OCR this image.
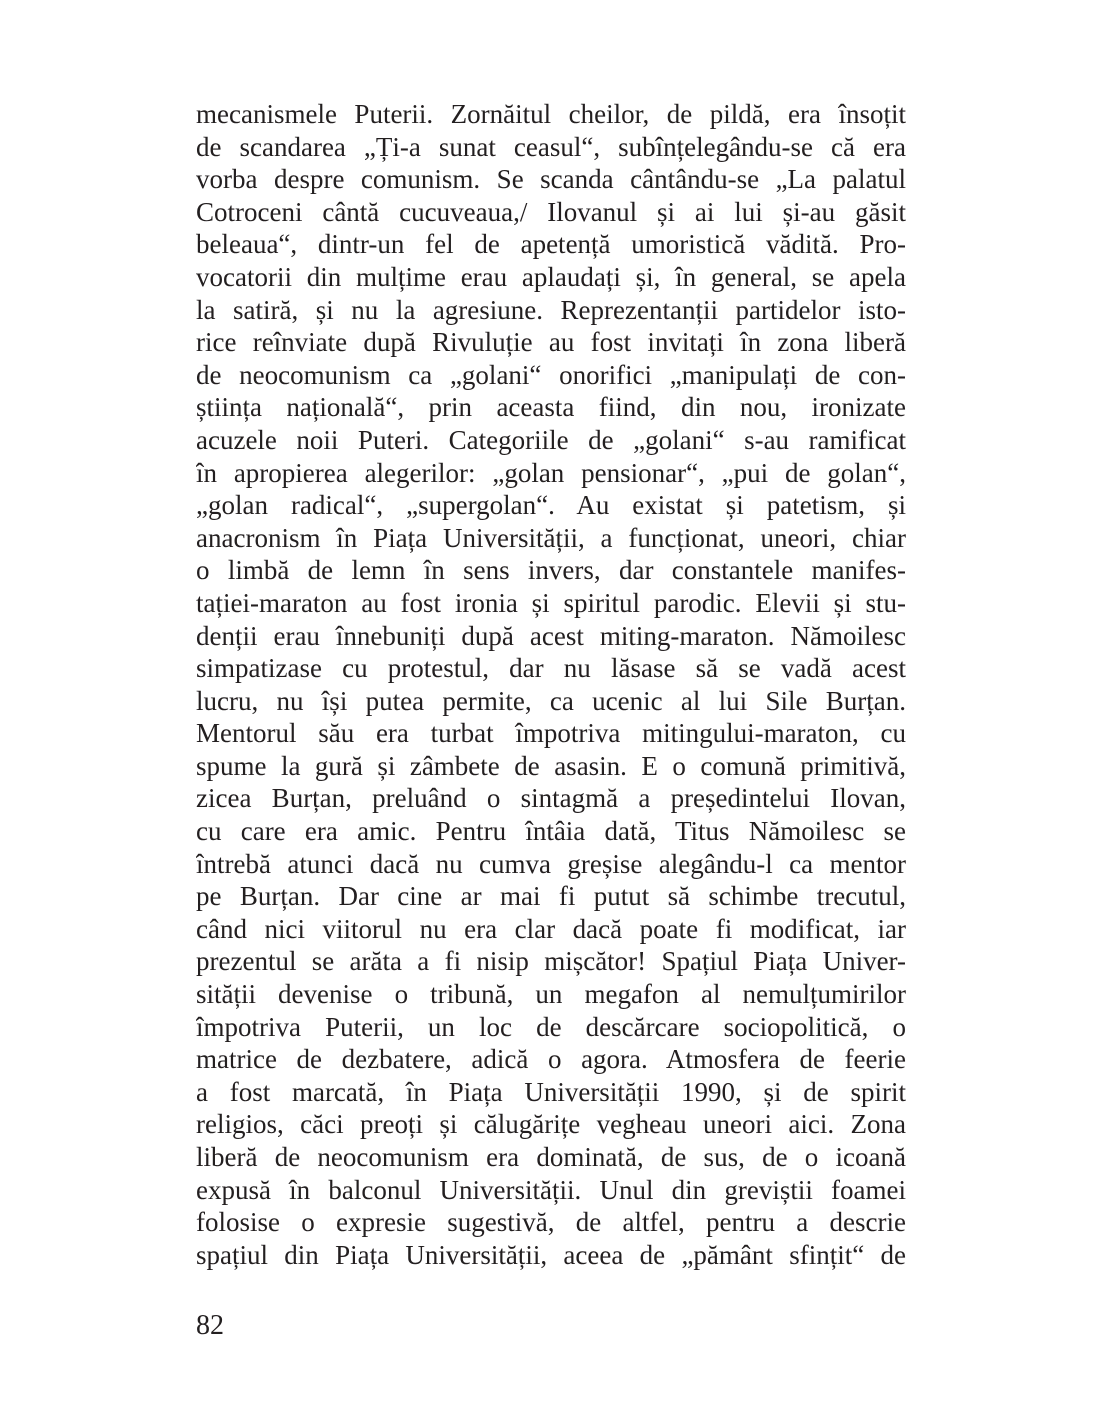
mecanismele Puterii. Zornăitul cheilor, de pildă, era însoțit
de scandarea „Ți-a sunat ceasul“, subînțelegându-se că era
vorba despre comunism. Se scanda cântându-se „La palatul
Cotroceni cântă cucuveaua,/ Ilovanul și ai lui și-au găsit
beleaua“, dintr-un fel de apetență umoristică vădită. Pro-
vocatorii din mulțime erau aplaudați și, în general, se apela
la satiră, și nu la agresiune. Reprezentanții partidelor isto-
rice reînviate după Rivuluție au fost invitați în zona liberă
de neocomunism ca „golani“ onorifici „manipulați de con-
știința națională“, prin aceasta fiind, din nou, ironizate
acuzele noii Puteri. Categoriile de „golani“ s-au ramificat
în apropierea alegerilor: „golan pensionar“, „pui de golan“,
„golan radical“, „supergolan“. Au existat și patetism, și
anacronism în Piața Universității, a funcționat, uneori, chiar
o limbă de lemn în sens invers, dar constantele manifes-
tației-maraton au fost ironia și spiritul parodic. Elevii și stu-
denții erau înnebuniți după acest miting-maraton. Nămoilesc
simpatizase cu protestul, dar nu lăsase să se vadă acest
lucru, nu își putea permite, ca ucenic al lui Sile Burțan.
Mentorul său era turbat împotriva mitingului-maraton, cu
spume la gură și zâmbete de asasin. E o comună primitivă,
zicea Burțan, preluând o sintagmă a președintelui Ilovan,
cu care era amic. Pentru întâia dată, Titus Nămoilesc se
întrebă atunci dacă nu cumva greșise alegându-l ca mentor
pe Burțan. Dar cine ar mai fi putut să schimbe trecutul,
când nici viitorul nu era clar dacă poate fi modificat, iar
prezentul se arăta a fi nisip mișcător! Spațiul Piața Univer-
sității devenise o tribună, un megafon al nemulțumirilor
împotriva Puterii, un loc de descărcare sociopolitică, o
matrice de dezbatere, adică o agora. Atmosfera de feerie
a fost marcată, în Piața Universității 1990, și de spirit
religios, căci preoți și călugărițe vegheau uneori aici. Zona
liberă de neocomunism era dominată, de sus, de o icoană
expusă în balconul Universității. Unul din greviștii foamei
folosise o expresie sugestivă, de altfel, pentru a descrie
spațiul din Piața Universității, aceea de „pământ sfințit“ de
82
